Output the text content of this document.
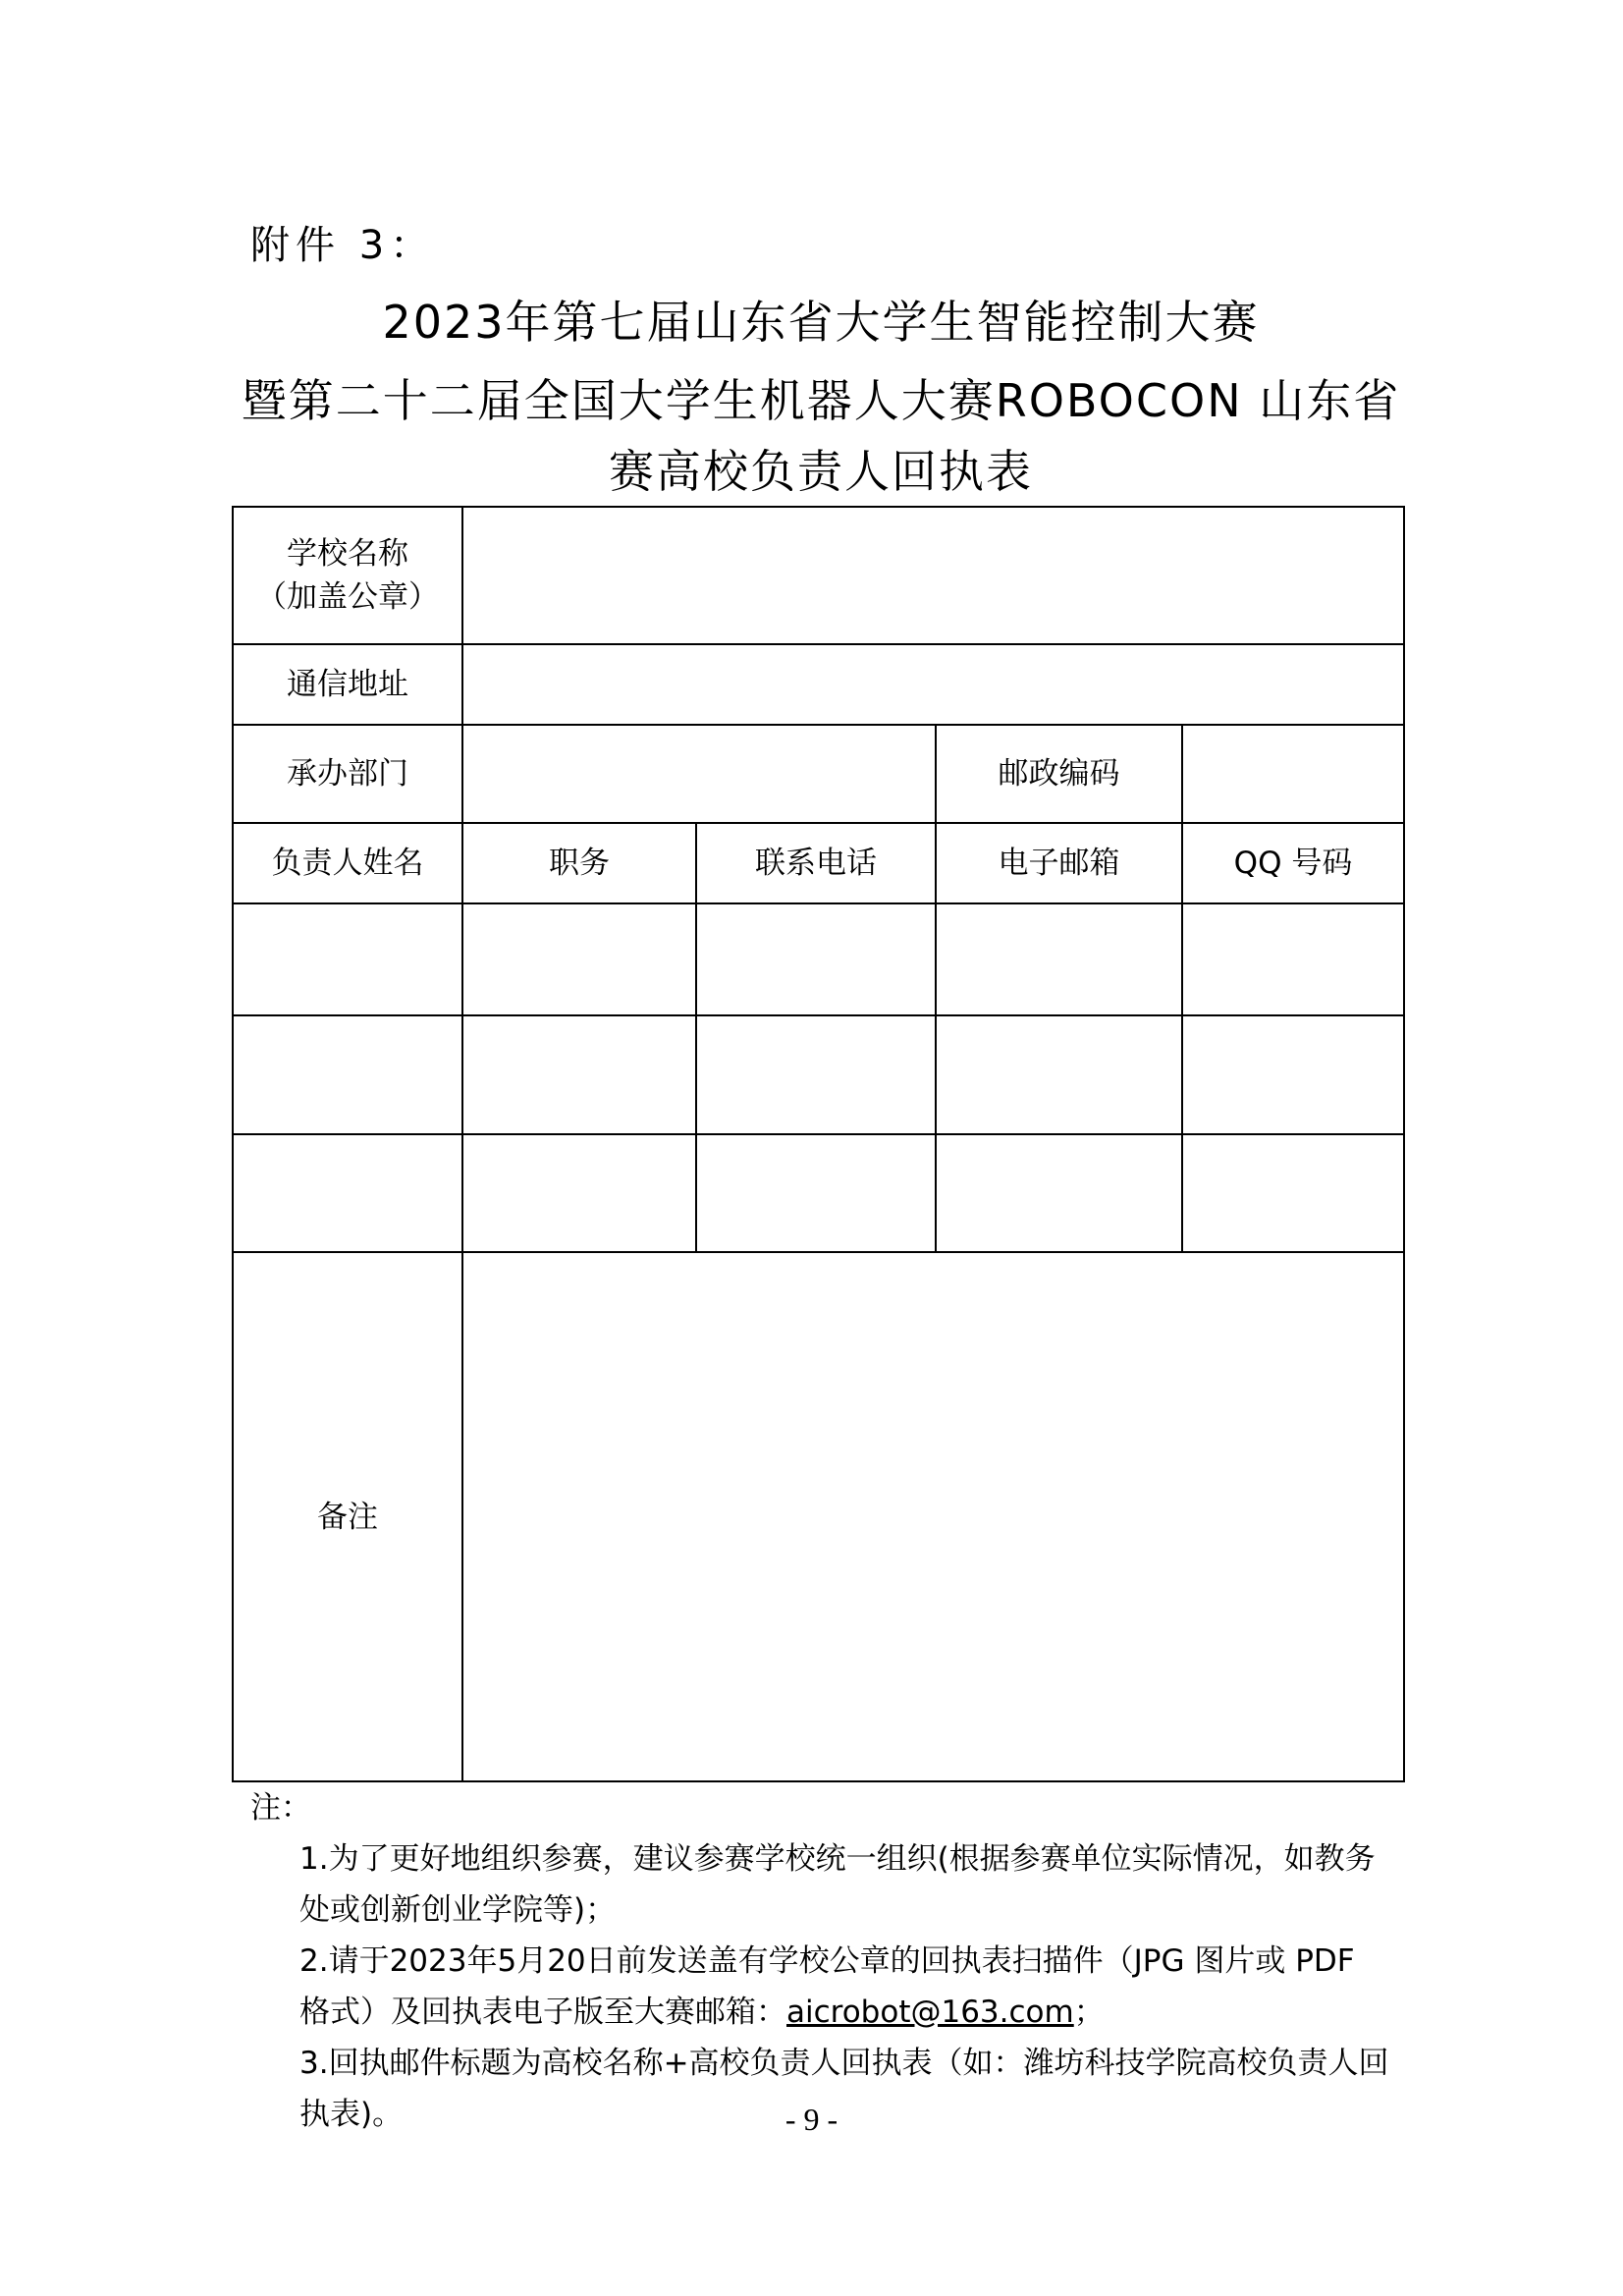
附件 3：
2023年第七届山东省大学生智能控制大赛
暨第二十二届全国大学生机器人大赛ROBOCON 山东省
赛高校负责人回执表
学校名称
（加盖公章）				

通信地址				
承办部门			邮政编码	
负责人姓名	职务	联系电话	电子邮箱	QQ 号码

备注				
注：
1.为了更好地组织参赛，建议参赛学校统一组织(根据参赛单位实际情况，如教务处或创新创业学院等)；
2.请于2023年5月20日前发送盖有学校公章的回执表扫描件（JPG 图片或 PDF 格式）及回执表电子版至大赛邮箱：aicrobot@163.com；
3.回执邮件标题为高校名称+高校负责人回执表（如：潍坊科技学院高校负责人回执表)。	- 9 -
